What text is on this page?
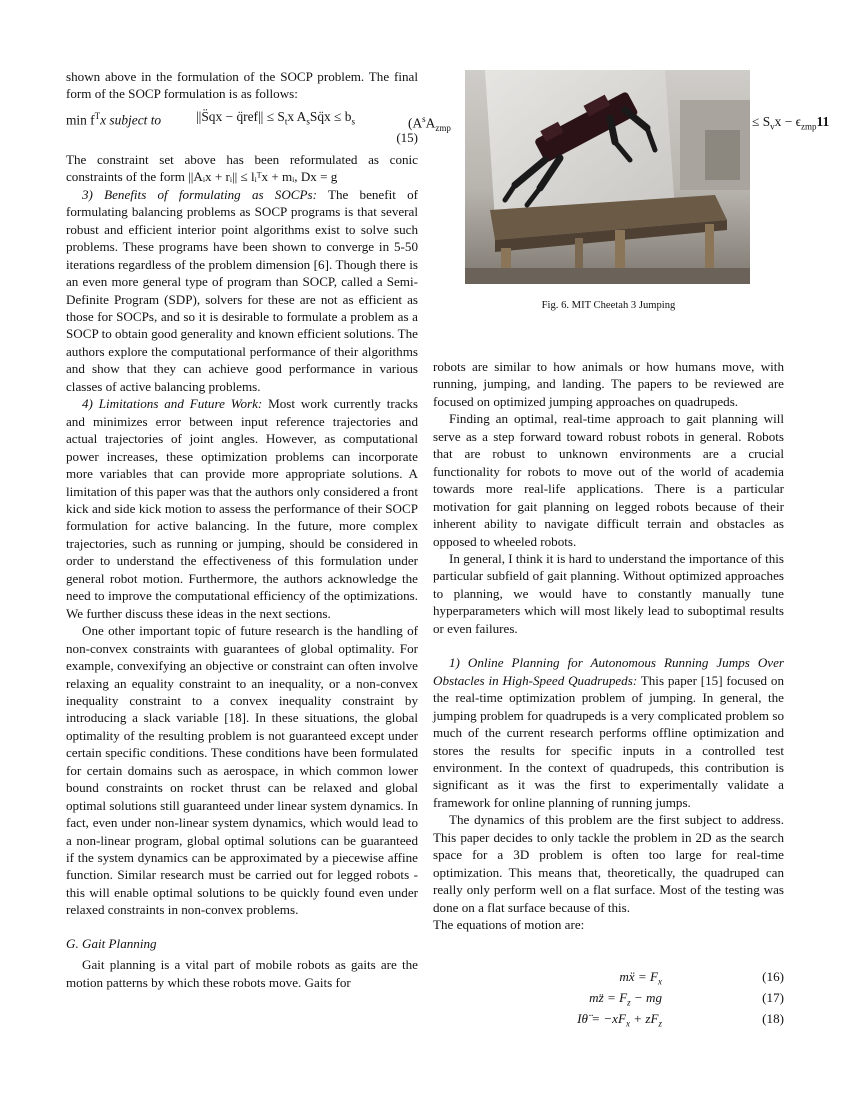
shown above in the formulation of the SOCP problem. The final form of the SOCP formulation is as follows:

$\min f^Tx$ subject to	||S̈qx − q̈ref|| ≤ $S_tx$ $A_sSq̈x \le b_s$
(15)

The constraint set above has been reformulated as conic constraints of the form ||Aᵢx + rᵢ|| ≤ lᵢᵀx + mᵢ, Dx = g

3) Benefits of formulating as SOCPs: The benefit of formulating balancing problems as SOCP programs is that several robust and efficient interior point algorithms exist to solve such problems. These programs have been shown to converge in 5-50 iterations regardless of the problem dimension [6]. Though there is an even more general type of program than SOCP, called a Semi-Definite Program (SDP), solvers for these are not as efficient as those for SOCPs, and so it is desirable to formulate a problem as a SOCP to obtain good generality and known efficient solutions. The authors explore the computational performance of their algorithms and show that they can achieve good performance in various classes of active balancing problems.

4) Limitations and Future Work: Most work currently tracks and minimizes error between input reference trajectories and actual trajectories of joint angles. However, as computational power increases, these optimization problems can incorporate more variables that can provide more appropriate solutions. A limitation of this paper was that the authors only considered a front kick and side kick motion to assess the performance of their SOCP formulation for active balancing. In the future, more complex trajectories, such as running or jumping, should be considered in order to understand the effectiveness of this formulation under general robot motion. Furthermore, the authors acknowledge the need to improve the computational efficiency of the optimizations. We further discuss these ideas in the next sections.

One other important topic of future research is the handling of non-convex constraints with guarantees of global optimality. For example, convexifying an objective or constraint can often involve relaxing an equality constraint to an inequality, or a non-convex inequality constraint to a convex inequality constraint by introducing a slack variable [18]. In these situations, the global optimality of the resulting problem is not guaranteed except under certain specific conditions. These conditions have been formulated for certain domains such as aerospace, in which common lower bound constraints on rocket thrust can be relaxed and global optimal solutions still guaranteed under linear system dynamics. In fact, even under non-linear system dynamics, which would lead to a non-linear program, global optimal solutions can be guaranteed if the system dynamics can be approximated by a piecewise affine function. Similar research must be carried out for legged robots - this will enable optimal solutions to be quickly found even under relaxed constraints in non-convex problems.

G. Gait Planning

Gait planning is a vital part of mobile robots as gaits are the motion patterns by which these robots move. Gaits for

($A^sA_{zmp}$	≤ $S_vx - \epsilon_{zmp}11$
Fig. 6. MIT Cheetah 3 Jumping

robots are similar to how animals or how humans move, with running, jumping, and landing. The papers to be reviewed are focused on optimized jumping approaches on quadrupeds.

Finding an optimal, real-time approach to gait planning will serve as a step forward toward robust robots in general. Robots that are robust to unknown environments are a crucial functionality for robots to move out of the world of academia towards more real-life applications. There is a particular motivation for gait planning on legged robots because of their inherent ability to navigate difficult terrain and obstacles as opposed to wheeled robots.

In general, I think it is hard to understand the importance of this particular subfield of gait planning. Without optimized approaches to planning, we would have to constantly manually tune hyperparameters which will most likely lead to suboptimal results or even failures.

1) Online Planning for Autonomous Running Jumps Over Obstacles in High-Speed Quadrupeds: This paper [15] focused on the real-time optimization problem of jumping. In general, the jumping problem for quadrupeds is a very complicated problem so much of the current research performs offline optimization and stores the results for specific inputs in a controlled test environment. In the context of quadrupeds, this contribution is significant as it was the first to experimentally validate a framework for online planning of running jumps.

The dynamics of this problem are the first subject to address. This paper decides to only tackle the problem in 2D as the search space for a 3D problem is often too large for real-time optimization. This means that, theoretically, the quadruped can really only perform well on a flat surface. Most of the testing was done on a flat surface because of this.

The equations of motion are:

mẍ = $F_x$	(16)
mz̈ = $F_z$ − mg	(17)
Iθ̈ = $-xF_x + zF_z$	(18)
